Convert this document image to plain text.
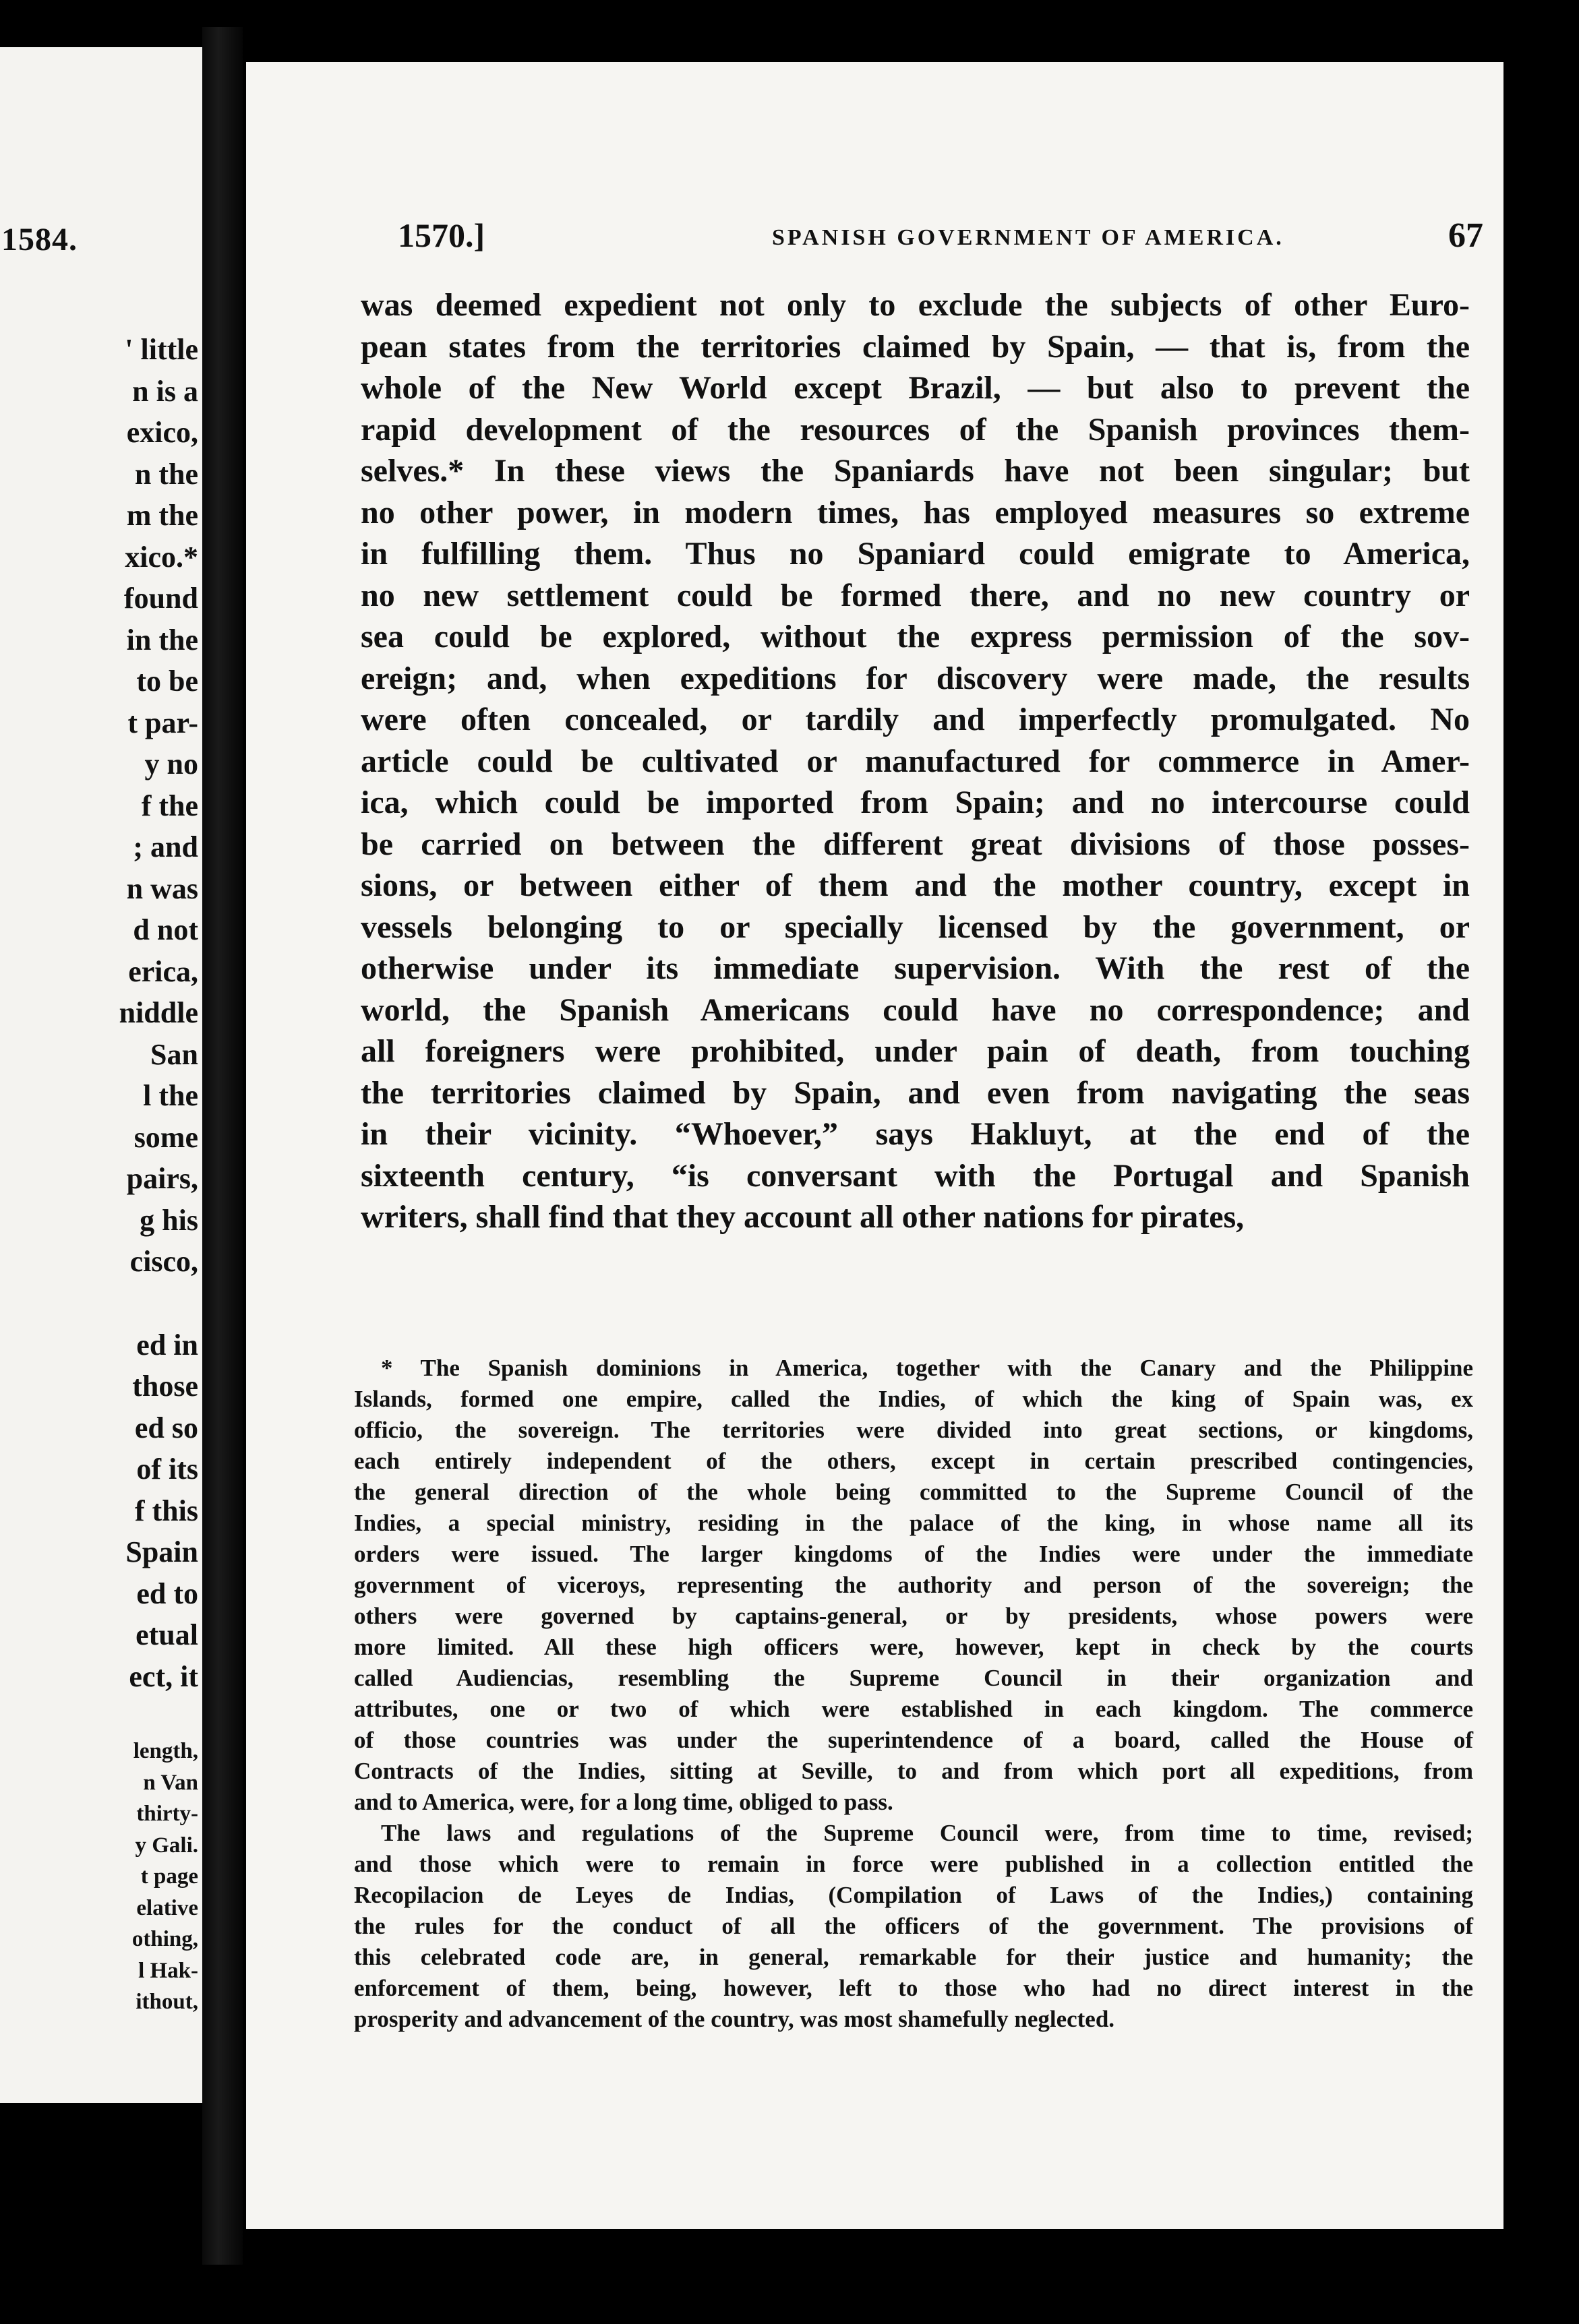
1584.
' little
n is a
exico,
n the
m the
xico.*
found
in the
to be
t par-
y no
f the
; and
n was
d not
erica,
niddle
San
l the
some
pairs,
g his
cisco,
ed in
those
ed so
of its
f this
Spain
ed to
etual
ect, it
length,
n Van
thirty-
y Gali.
t page
elative
othing,
l Hak-
ithout,
1570.]	SPANISH GOVERNMENT OF AMERICA.	67
was deemed expedient not only to exclude the subjects of other Euro-
pean states from the territories claimed by Spain, — that is, from the
whole of the New World except Brazil, — but also to prevent the
rapid development of the resources of the Spanish provinces them-
selves.* In these views the Spaniards have not been singular; but
no other power, in modern times, has employed measures so extreme
in fulfilling them. Thus no Spaniard could emigrate to America,
no new settlement could be formed there, and no new country or
sea could be explored, without the express permission of the sov-
ereign; and, when expeditions for discovery were made, the results
were often concealed, or tardily and imperfectly promulgated. No
article could be cultivated or manufactured for commerce in Amer-
ica, which could be imported from Spain; and no intercourse could
be carried on between the different great divisions of those posses-
sions, or between either of them and the mother country, except in
vessels belonging to or specially licensed by the government, or
otherwise under its immediate supervision. With the rest of the
world, the Spanish Americans could have no correspondence; and
all foreigners were prohibited, under pain of death, from touching
the territories claimed by Spain, and even from navigating the seas
in their vicinity. “Whoever,” says Hakluyt, at the end of the
sixteenth century, “is conversant with the Portugal and Spanish
writers, shall find that they account all other nations for pirates,
* The Spanish dominions in America, together with the Canary and the Philippine
Islands, formed one empire, called the Indies, of which the king of Spain was, ex
officio, the sovereign. The territories were divided into great sections, or kingdoms,
each entirely independent of the others, except in certain prescribed contingencies,
the general direction of the whole being committed to the Supreme Council of the
Indies, a special ministry, residing in the palace of the king, in whose name all its
orders were issued. The larger kingdoms of the Indies were under the immediate
government of viceroys, representing the authority and person of the sovereign; the
others were governed by captains-general, or by presidents, whose powers were
more limited. All these high officers were, however, kept in check by the courts
called Audiencias, resembling the Supreme Council in their organization and
attributes, one or two of which were established in each kingdom. The commerce
of those countries was under the superintendence of a board, called the House of
Contracts of the Indies, sitting at Seville, to and from which port all expeditions, from
and to America, were, for a long time, obliged to pass.
The laws and regulations of the Supreme Council were, from time to time, revised;
and those which were to remain in force were published in a collection entitled the
Recopilacion de Leyes de Indias, (Compilation of Laws of the Indies,) containing
the rules for the conduct of all the officers of the government. The provisions of
this celebrated code are, in general, remarkable for their justice and humanity; the
enforcement of them, being, however, left to those who had no direct interest in the
prosperity and advancement of the country, was most shamefully neglected.
